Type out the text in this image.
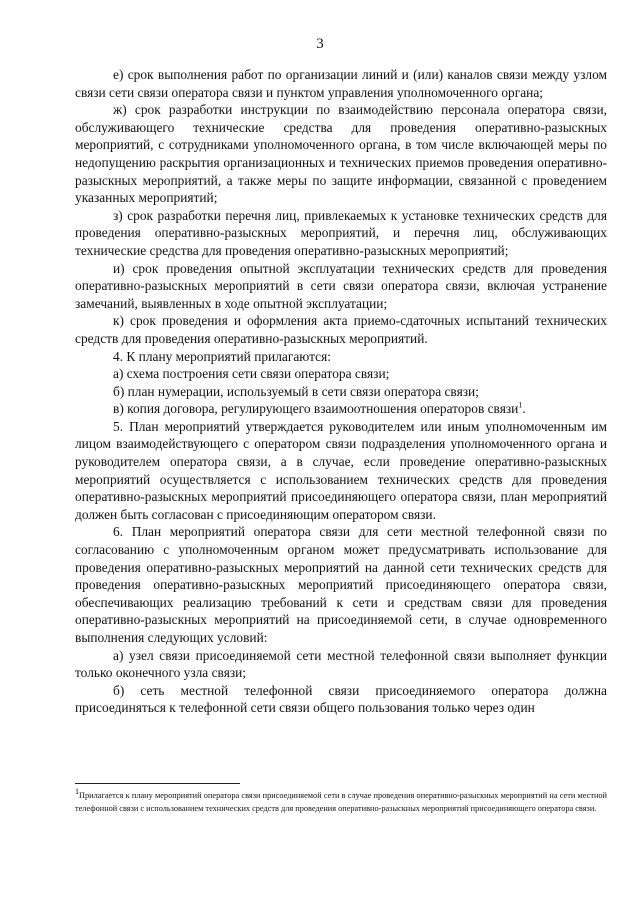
3

е) срок выполнения работ по организации линий и (или) каналов связи между узлом связи сети связи оператора связи и пунктом управления уполномоченного органа;

ж) срок разработки инструкции по взаимодействию персонала оператора связи, обслуживающего технические средства для проведения оперативно-разыскных мероприятий, с сотрудниками уполномоченного органа, в том числе включающей меры по недопущению раскрытия организационных и технических приемов проведения оперативно-разыскных мероприятий, а также меры по защите информации, связанной с проведением указанных мероприятий;

з) срок разработки перечня лиц, привлекаемых к установке технических средств для проведения оперативно-разыскных мероприятий, и перечня лиц, обслуживающих технические средства для проведения оперативно-разыскных мероприятий;

и) срок проведения опытной эксплуатации технических средств для проведения оперативно-разыскных мероприятий в сети связи оператора связи, включая устранение замечаний, выявленных в ходе опытной эксплуатации;

к) срок проведения и оформления акта приемо-сдаточных испытаний технических средств для проведения оперативно-разыскных мероприятий.

4. К плану мероприятий прилагаются:

а) схема построения сети связи оператора связи;

б) план нумерации, используемый в сети связи оператора связи;

в) копия договора, регулирующего взаимоотношения операторов связи$^1$.

5. План мероприятий утверждается руководителем или иным уполномоченным им лицом взаимодействующего с оператором связи подразделения уполномоченного органа и руководителем оператора связи, а в случае, если проведение оперативно-разыскных мероприятий осуществляется с использованием технических средств для проведения оперативно-разыскных мероприятий присоединяющего оператора связи, план мероприятий должен быть согласован с присоединяющим оператором связи.

6. План мероприятий оператора связи для сети местной телефонной связи по согласованию с уполномоченным органом может предусматривать использование для проведения оперативно-разыскных мероприятий на данной сети технических средств для проведения оперативно-разыскных мероприятий присоединяющего оператора связи, обеспечивающих реализацию требований к сети и средствам связи для проведения оперативно-разыскных мероприятий на присоединяемой сети, в случае одновременного выполнения следующих условий:

а) узел связи присоединяемой сети местной телефонной связи выполняет функции только оконечного узла связи;

б) сеть местной телефонной связи присоединяемого оператора должна присоединяться к телефонной сети связи общего пользования только через один

$^1$Прилагается к плану мероприятий оператора связи присоединяемой сети в случае проведения оперативно-разыскных мероприятий на сети местной телефонной связи с использованием технических средств для проведения оперативно-разыскных мероприятий присоединяющего оператора связи.
